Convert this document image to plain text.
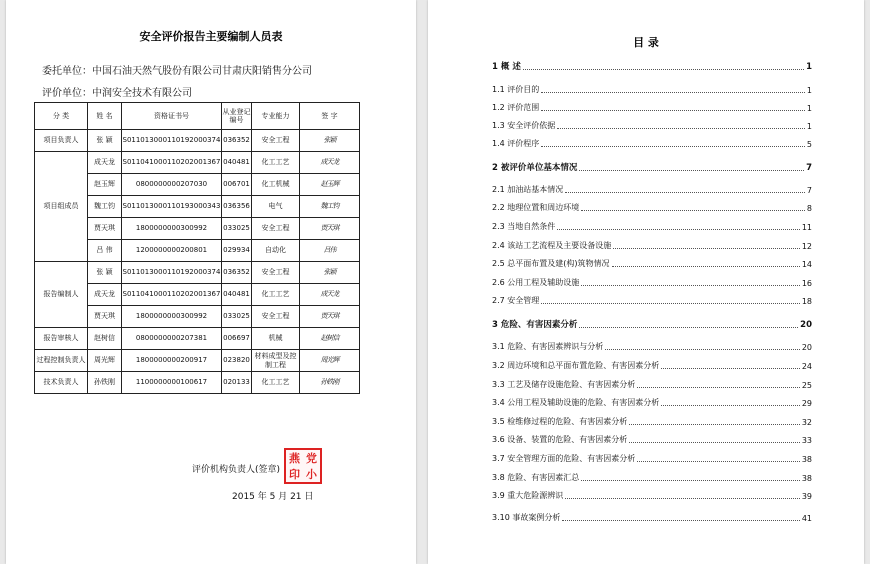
安全评价报告主要编制人员表
委托单位：中国石油天然气股份有限公司甘肃庆阳销售分公司
评价单位：中润安全技术有限公司
分 类	姓 名	资格证书号	从业登记编号	专业能力	签 字
项目负责人	张 颖	S011013000110192000374	036352	安全工程	张颖
项目组成员	成天龙	S011041000110202001367	040481	化工工艺	成天龙
	赵玉辉	0800000000207030	006701	化工机械	赵玉辉
	魏工钧	S011013000110193000343	036356	电气	魏工钧
	贾天琪	1800000000300992	033025	安全工程	贾天琪
	吕 伟	1200000000200801	029934	自动化	吕伟
报告编制人	张 颖	S011013000110192000374	036352	安全工程	张颖
	成天龙	S011041000110202001367	040481	化工工艺	成天龙
	贾天琪	1800000000300992	033025	安全工程	贾天琪
报告审核人	赵树信	0800000000207381	006697	机械	赵树信
过程控制负责人	周光辉	1800000000200917	023820	材料成型及控制工程	周光辉
技术负责人	孙铁刚	1100000000100617	020133	化工工艺	孙铁刚
评价机构负责人(签章)
燕 党
印 小
2015 年 5 月 21 日
目 录
1 概 述	1
1.1 评价目的	1
1.2 评价范围	1
1.3 安全评价依据	1
1.4 评价程序	5
2 被评价单位基本情况	7
2.1 加油站基本情况	7
2.2 地理位置和周边环境	8
2.3 当地自然条件	11
2.4 该站工艺流程及主要设备设施	12
2.5 总平面布置及建(构)筑物情况	14
2.6 公用工程及辅助设施	16
2.7 安全管理	18
3 危险、有害因素分析	20
3.1 危险、有害因素辨识与分析	20
3.2 周边环境和总平面布置危险、有害因素分析	24
3.3 工艺及储存设施危险、有害因素分析	25
3.4 公用工程及辅助设施的危险、有害因素分析	29
3.5 检维修过程的危险、有害因素分析	32
3.6 设备、装置的危险、有害因素分析	33
3.7 安全管理方面的危险、有害因素分析	38
3.8 危险、有害因素汇总	38
3.9 重大危险源辨识	39
3.10 事故案例分析	41
